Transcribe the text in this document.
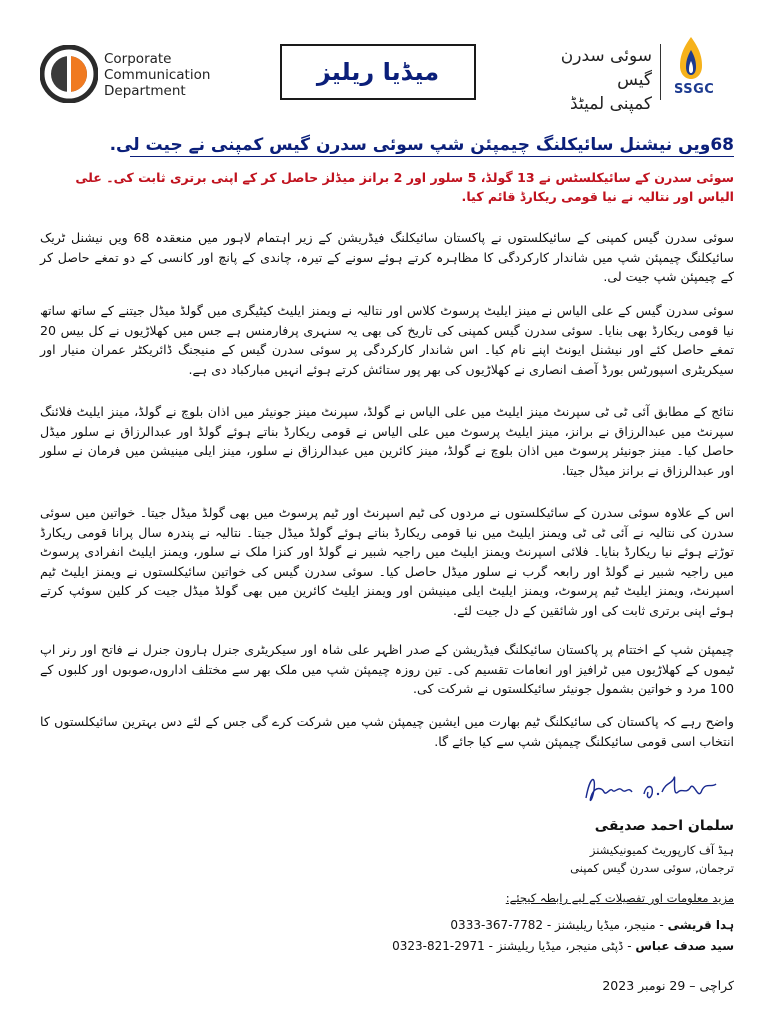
Corporate
Communication
Department
میڈیا ریلیز
سوئی سدرن گیس
کمپنی لمیٹڈ
SSGC
68ویں نیشنل سائیکلنگ چیمپئن شپ سوئی سدرن گیس کمپنی نے جیت لی.
سوئی سدرن کے سائیکلسٹس نے 13 گولڈ، 5 سلور اور 2 برانز میڈلز حاصل کر کے اپنی برتری ثابت کی۔ علی الیاس اور نتالیہ نے نیا قومی ریکارڈ قائم کیا.
سوئی سدرن گیس کمپنی کے سائیکلستوں نے پاکستان سائیکلنگ فیڈریشن کے زیر اہتمام لاہور میں منعقدہ 68 ویں نیشنل ٹریک سائیکلنگ چیمپئن شپ میں شاندار کارکردگی کا مظاہرہ کرتے ہوئے سونے کے تیرہ، چاندی کے پانچ اور کانسی کے دو تمغے حاصل کر کے چیمپئن شپ جیت لی.
سوئی سدرن گیس کے علی الیاس نے مینز ایلیٹ پرسوٹ کلاس اور نتالیہ نے ویمنز ایلیٹ کیٹیگری میں گولڈ میڈل جیتنے کے ساتھ ساتھ نیا قومی ریکارڈ بھی بنایا۔ سوئی سدرن گیس کمپنی کی تاریخ کی بھی یہ سنہری پرفارمنس ہے جس میں کھلاڑیوں نے کل بیس 20 تمغے حاصل کئے اور نیشنل ایونٹ اپنے نام کیا۔ اس شاندار کارکردگی پر سوئی سدرن گیس کے منیجنگ ڈائریکٹر عمران منیار اور سیکریٹری اسپورٹس بورڈ آصف انصاری نے کھلاڑیوں کی بھر پور ستائش کرتے ہوئے انہیں مبارکباد دی ہے.
نتائج کے مطابق آئی ٹی ٹی سپرنٹ مینز ایلیٹ میں علی الیاس نے گولڈ، سپرنٹ مینز جونیئر میں اذان بلوچ نے گولڈ، مینز ایلیٹ فلائنگ سپرنٹ میں عبدالرزاق نے برانز، مینز ایلیٹ پرسوٹ میں علی الیاس نے قومی ریکارڈ بناتے ہوئے گولڈ اور عبدالرزاق نے سلور میڈل حاصل کیا۔ مینز جونیئر پرسوٹ میں اذان بلوچ نے گولڈ، مینز کائرین میں عبدالرزاق نے سلور، مینز ایلی مینیشن میں فرمان نے سلور اور عبدالرزاق نے برانز میڈل جیتا.
اس کے علاوہ سوئی سدرن کے سائیکلستوں نے مردوں کی ٹیم اسپرنٹ اور ٹیم پرسوٹ میں بھی گولڈ میڈل جیتا۔ خواتین میں سوئی سدرن کی نتالیہ نے آئی ٹی ٹی ویمنز ایلیٹ میں نیا قومی ریکارڈ بناتے ہوئے گولڈ میڈل جیتا۔ نتالیہ نے پندرہ سال پرانا قومی ریکارڈ توڑتے ہوئے نیا ریکارڈ بنایا۔ فلائی اسپرنٹ ویمنز ایلیٹ میں راجیہ شبیر نے گولڈ اور کنزا ملک نے سلور، ویمنز ایلیٹ انفرادی پرسوٹ میں راجیہ شبیر نے گولڈ اور رابعہ گرب نے سلور میڈل حاصل کیا۔ سوئی سدرن گیس کی خواتین سائیکلستوں نے ویمنز ایلیٹ ٹیم اسپرنٹ، ویمنز ایلیٹ ٹیم پرسوٹ، ویمنز ایلیٹ ایلی مینیشن اور ویمنز ایلیٹ کائرین میں بھی گولڈ میڈل جیت کر کلین سوئپ کرتے ہوئے اپنی برتری ثابت کی اور شائقین کے دل جیت لئے.
چیمپئن شپ کے اختتام پر پاکستان سائیکلنگ فیڈریشن کے صدر اظہر علی شاہ اور سیکریٹری جنرل ہارون جنرل نے فاتح اور رنر اپ ٹیموں کے کھلاڑیوں میں ٹرافیز اور انعامات تقسیم کی۔ تین روزہ چیمپئن شپ میں ملک بھر سے مختلف اداروں،صوبوں اور کلبوں کے 100 مرد و خواتین بشمول جونیئر سائیکلستوں نے شرکت کی.
واضح رہے کہ پاکستان کی سائیکلنگ ٹیم بھارت میں ایشین چیمپئن شپ میں شرکت کرے گی جس کے لئے دس بہترین سائیکلستوں کا انتخاب اسی قومی سائیکلنگ چیمپئن شپ سے کیا جائے گا.
سلمان احمد صدیقی
ہیڈ آف کارپوریٹ کمیونیکیشنز
ترجمان, سوئی سدرن گیس کمپنی
مزید معلومات اور تفصیلات کے لیے رابطہ کیجئے:
ہدا قریشی - منیجر، میڈیا ریلیشنز - 0333-367-7782
سید صدف عباس - ڈپٹی منیجر، میڈیا ریلیشنز - 0323-821-2971
کراچی – 29 نومبر 2023
